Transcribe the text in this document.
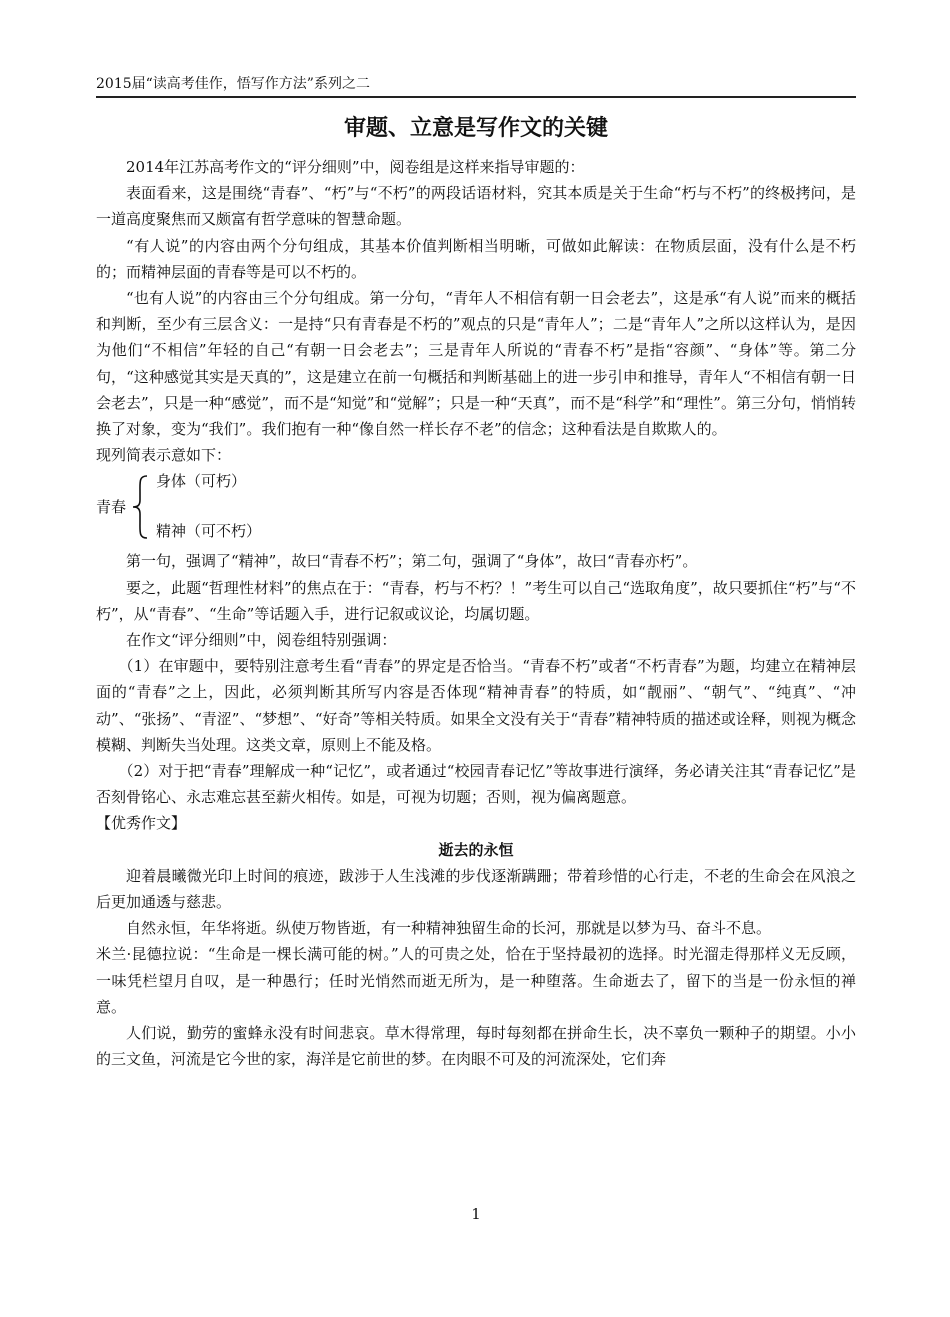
2015届“读高考佳作，悟写作方法”系列之二
审题、立意是写作文的关键

2014年江苏高考作文的“评分细则”中，阅卷组是这样来指导审题的：

表面看来，这是围绕“青春”、“朽”与“不朽”的两段话语材料，究其本质是关于生命“朽与不朽”的终极拷问，是一道高度聚焦而又颇富有哲学意味的智慧命题。

“有人说”的内容由两个分句组成，其基本价值判断相当明晰，可做如此解读：在物质层面，没有什么是不朽的；而精神层面的青春等是可以不朽的。

“也有人说”的内容由三个分句组成。第一分句，“青年人不相信有朝一日会老去”，这是承“有人说”而来的概括和判断，至少有三层含义：一是持“只有青春是不朽的”观点的只是“青年人”；二是“青年人”之所以这样认为，是因为他们“不相信”年轻的自己“有朝一日会老去”；三是青年人所说的“青春不朽”是指“容颜”、“身体”等。第二分句，“这种感觉其实是天真的”，这是建立在前一句概括和判断基础上的进一步引申和推导，青年人“不相信有朝一日会老去”，只是一种“感觉”，而不是“知觉”和“觉解”；只是一种“天真”，而不是“科学”和“理性”。第三分句，悄悄转换了对象，变为“我们”。我们抱有一种“像自然一样长存不老”的信念；这种看法是自欺欺人的。

现列简表示意如下：

青春
身体（可朽）
精神（可不朽）

第一句，强调了“精神”，故曰“青春不朽”；第二句，强调了“身体”，故曰“青春亦朽”。

要之，此题“哲理性材料”的焦点在于：“青春，朽与不朽？！”考生可以自己“选取角度”，故只要抓住“朽”与“不朽”，从“青春”、“生命”等话题入手，进行记叙或议论，均属切题。

在作文“评分细则”中，阅卷组特别强调：

（1）在审题中，要特别注意考生看“青春”的界定是否恰当。“青春不朽”或者“不朽青春”为题，均建立在精神层面的“青春”之上，因此，必须判断其所写内容是否体现“精神青春”的特质，如“靓丽”、“朝气”、“纯真”、“冲动”、“张扬”、“青涩”、“梦想”、“好奇”等相关特质。如果全文没有关于“青春”精神特质的描述或诠释，则视为概念模糊、判断失当处理。这类文章，原则上不能及格。

（2）对于把“青春”理解成一种“记忆”，或者通过“校园青春记忆”等故事进行演绎，务必请关注其“青春记忆”是否刻骨铭心、永志难忘甚至薪火相传。如是，可视为切题；否则，视为偏离题意。

【优秀作文】

逝去的永恒

迎着晨曦微光印上时间的痕迹，跋涉于人生浅滩的步伐逐渐蹒跚；带着珍惜的心行走，不老的生命会在风浪之后更加通透与慈悲。

自然永恒，年华将逝。纵使万物皆逝，有一种精神独留生命的长河，那就是以梦为马、奋斗不息。

米兰·昆德拉说：“生命是一棵长满可能的树。”人的可贵之处，恰在于坚持最初的选择。时光溜走得那样义无反顾，一味凭栏望月自叹，是一种愚行；任时光悄然而逝无所为，是一种堕落。生命逝去了，留下的当是一份永恒的禅意。

人们说，勤劳的蜜蜂永没有时间悲哀。草木得常理，每时每刻都在拼命生长，决不辜负一颗种子的期望。小小的三文鱼，河流是它今世的家，海洋是它前世的梦。在肉眼不可及的河流深处，它们奔

1
